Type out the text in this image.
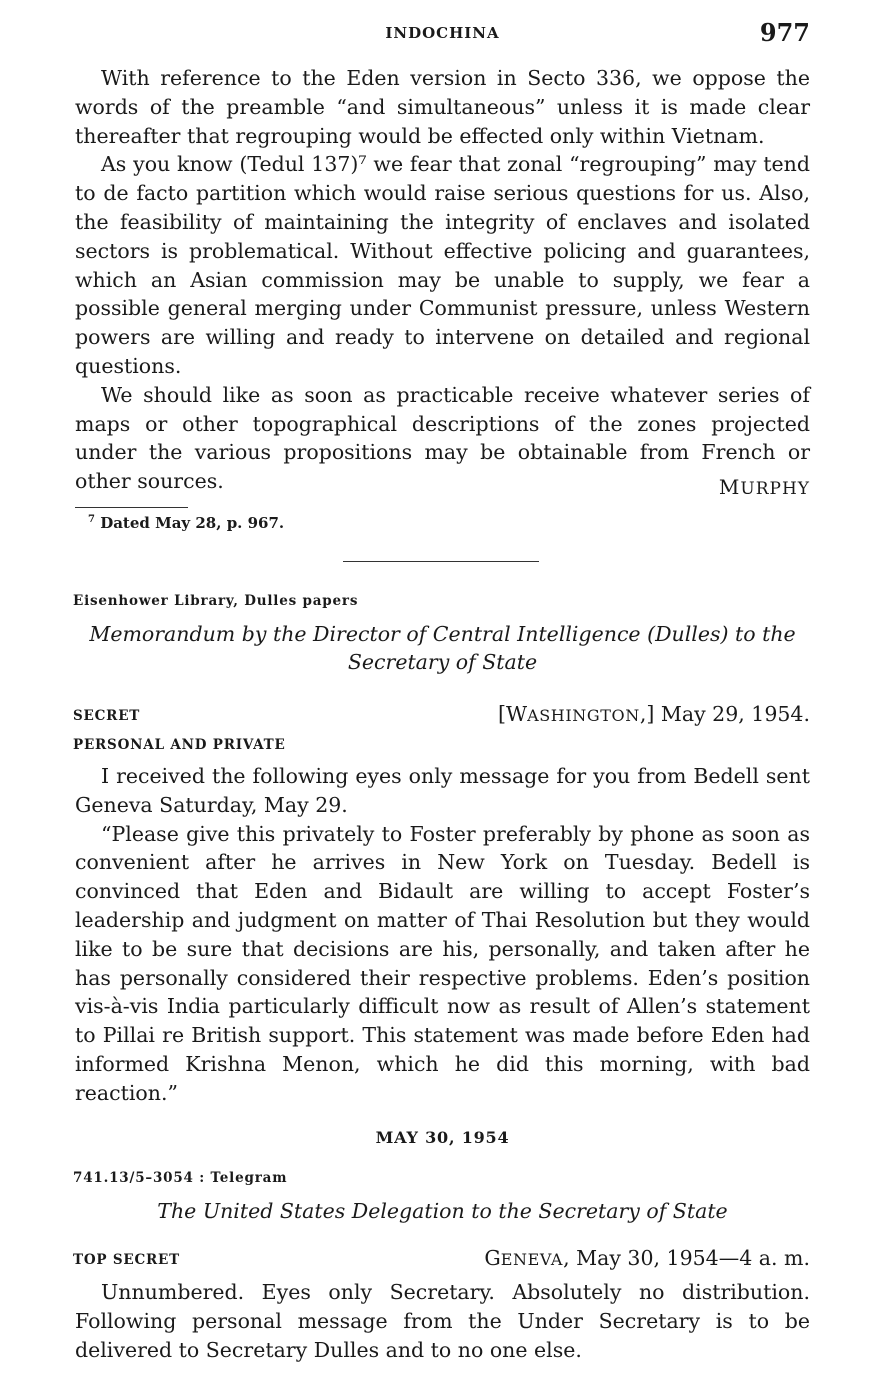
INDOCHINA	977

With reference to the Eden version in Secto 336, we oppose the words of the preamble “and simultaneous” unless it is made clear thereafter that regrouping would be effected only within Vietnam.

As you know (Tedul 137)⁷ we fear that zonal “regrouping” may tend to de facto partition which would raise serious questions for us. Also, the feasibility of maintaining the integrity of enclaves and isolated sectors is problematical. Without effective policing and guarantees, which an Asian commission may be unable to supply, we fear a possible general merging under Communist pressure, unless Western powers are willing and ready to intervene on detailed and regional questions.

We should like as soon as practicable receive whatever series of maps or other topographical descriptions of the zones projected under the various propositions may be obtainable from French or other sources.	MURPHY
$^7$ Dated May 28, p. 967.
Eisenhower Library, Dulles papers
Memorandum by the Director of Central Intelligence (Dulles) to the
Secretary of State
SECRET	[WASHINGTON,] May 29, 1954.
PERSONAL AND PRIVATE

I received the following eyes only message for you from Bedell sent Geneva Saturday, May 29.

“Please give this privately to Foster preferably by phone as soon as convenient after he arrives in New York on Tuesday. Bedell is convinced that Eden and Bidault are willing to accept Foster’s leadership and judgment on matter of Thai Resolution but they would like to be sure that decisions are his, personally, and taken after he has personally considered their respective problems. Eden’s position vis-à-vis India particularly difficult now as result of Allen’s statement to Pillai re British support. This statement was made before Eden had informed Krishna Menon, which he did this morning, with bad reaction.”

MAY 30, 1954
741.13/5–3054 : Telegram
The United States Delegation to the Secretary of State
TOP SECRET	GENEVA, May 30, 1954—4 a. m.

Unnumbered. Eyes only Secretary. Absolutely no distribution. Following personal message from the Under Secretary is to be delivered to Secretary Dulles and to no one else.
